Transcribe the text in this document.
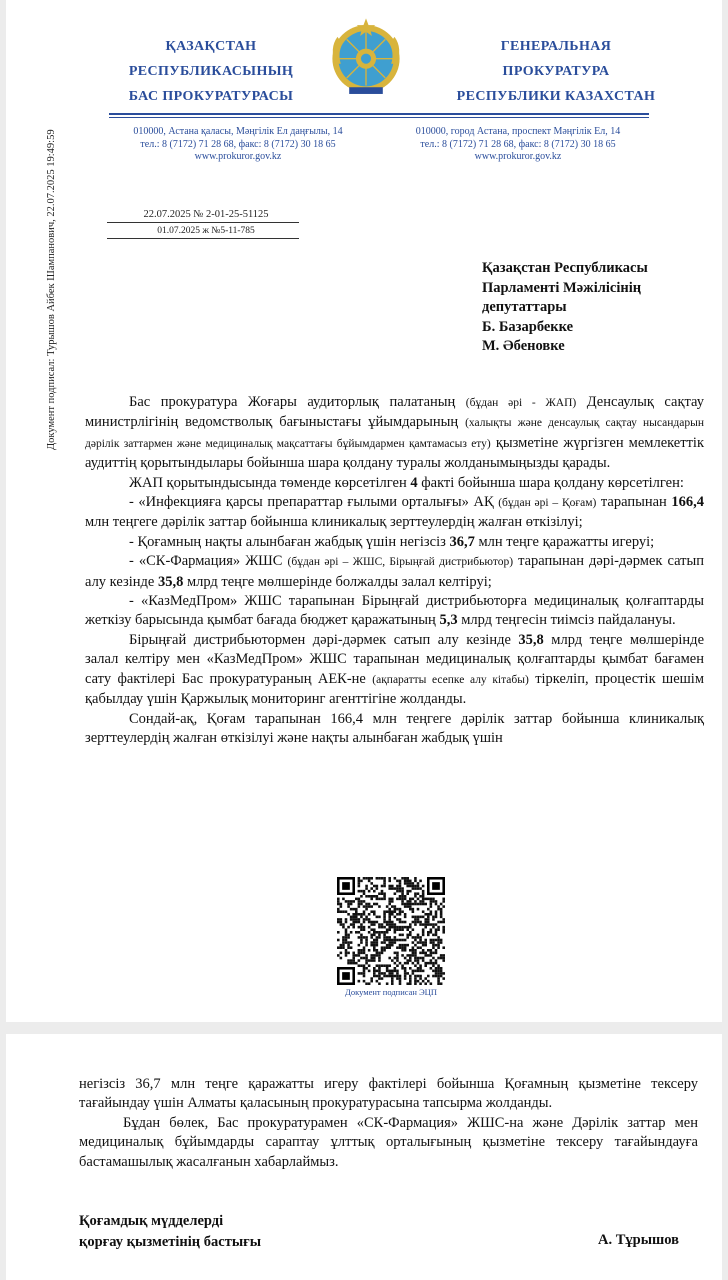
ҚАЗАҚСТАН
РЕСПУБЛИКАСЫНЫҢ
БАС ПРОКУРАТУРАСЫ
ГЕНЕРАЛЬНАЯ
ПРОКУРАТУРА
РЕСПУБЛИКИ КАЗАХСТАН
010000, Астана қаласы, Мәңгілік Ел даңғылы, 14
тел.: 8 (7172) 71 28 68, факс: 8 (7172) 30 18 65
www.prokuror.gov.kz
010000, город Астана, проспект Мәңгілік Ел, 14
тел.: 8 (7172) 71 28 68, факс: 8 (7172) 30 18 65
www.prokuror.gov.kz
22.07.2025 № 2-01-25-51125
01.07.2025 ж №5-11-785
Документ подписал: Турышов Айбек Шампанович, 22.07.2025 19:49:59	Қазақстан Республикасы
Парламенті Мәжілісінің
депутаттары
Б. Базарбекке
М. Әбеновке

Бас прокуратура Жоғары аудиторлық палатаның (бұдан әрі - ЖАП) Денсаулық сақтау министрлігінің ведомстволық бағыныстағы ұйымдарының (халықты және денсаулық сақтау нысандарын дәрілік заттармен және медициналық мақсаттағы бұйымдармен қамтамасыз ету) қызметіне жүргізген мемлекеттік аудиттің қорытындылары бойынша шара қолдану туралы жолданымыңызды қарады.

ЖАП қорытындысында төменде көрсетілген 4 факті бойынша шара қолдану көрсетілген:

- «Инфекцияға қарсы препараттар ғылыми орталығы» АҚ (бұдан әрі – Қоғам) тарапынан 166,4 млн теңгеге дәрілік заттар бойынша клиникалық зерттеулердің жалған өткізілуі;

- Қоғамның нақты алынбаған жабдық үшін негізсіз 36,7 млн теңге қаражатты игеруі;

- «СК-Фармация» ЖШС (бұдан әрі – ЖШС, Бірыңғай дистрибьютор) тарапынан дәрі-дәрмек сатып алу кезінде 35,8 млрд теңге мөлшерінде болжалды залал келтіруі;

- «КазМедПром» ЖШС тарапынан Бірыңғай дистрибьюторға медициналық қолғаптарды жеткізу барысында қымбат бағада бюджет қаражатының 5,3 млрд теңгесін тиімсіз пайдалануы.

Бірыңғай дистрибьютормен дәрі-дәрмек сатып алу кезінде 35,8 млрд теңге мөлшерінде залал келтіру мен «КазМедПром» ЖШС тарапынан медициналық қолғаптарды қымбат бағамен сату фактілері Бас прокуратураның АЕК-не (ақпаратты есепке алу кітабы) тіркеліп, процестік шешім қабылдау үшін Қаржылық мониторинг агенттігіне жолданды.

Сондай-ақ, Қоғам тарапынан 166,4 млн теңгеге дәрілік заттар бойынша клиникалық зерттеулердің жалған өткізілуі және нақты алынбаған жабдық үшін

Документ подписан ЭЦП

негізсіз 36,7 млн теңге қаражатты игеру фактілері бойынша Қоғамның қызметіне тексеру тағайындау үшін Алматы қаласының прокуратурасына тапсырма жолданды.

Бұдан бөлек, Бас прокуратурамен «СК-Фармация» ЖШС-на және Дәрілік заттар мен медициналық бұйымдарды сараптау ұлттық орталығының қызметіне тексеру тағайындауға бастамашылық жасалғанын хабарлаймыз.

Қоғамдық мүдделерді
қорғау қызметінің бастығы	А. Тұрышов
